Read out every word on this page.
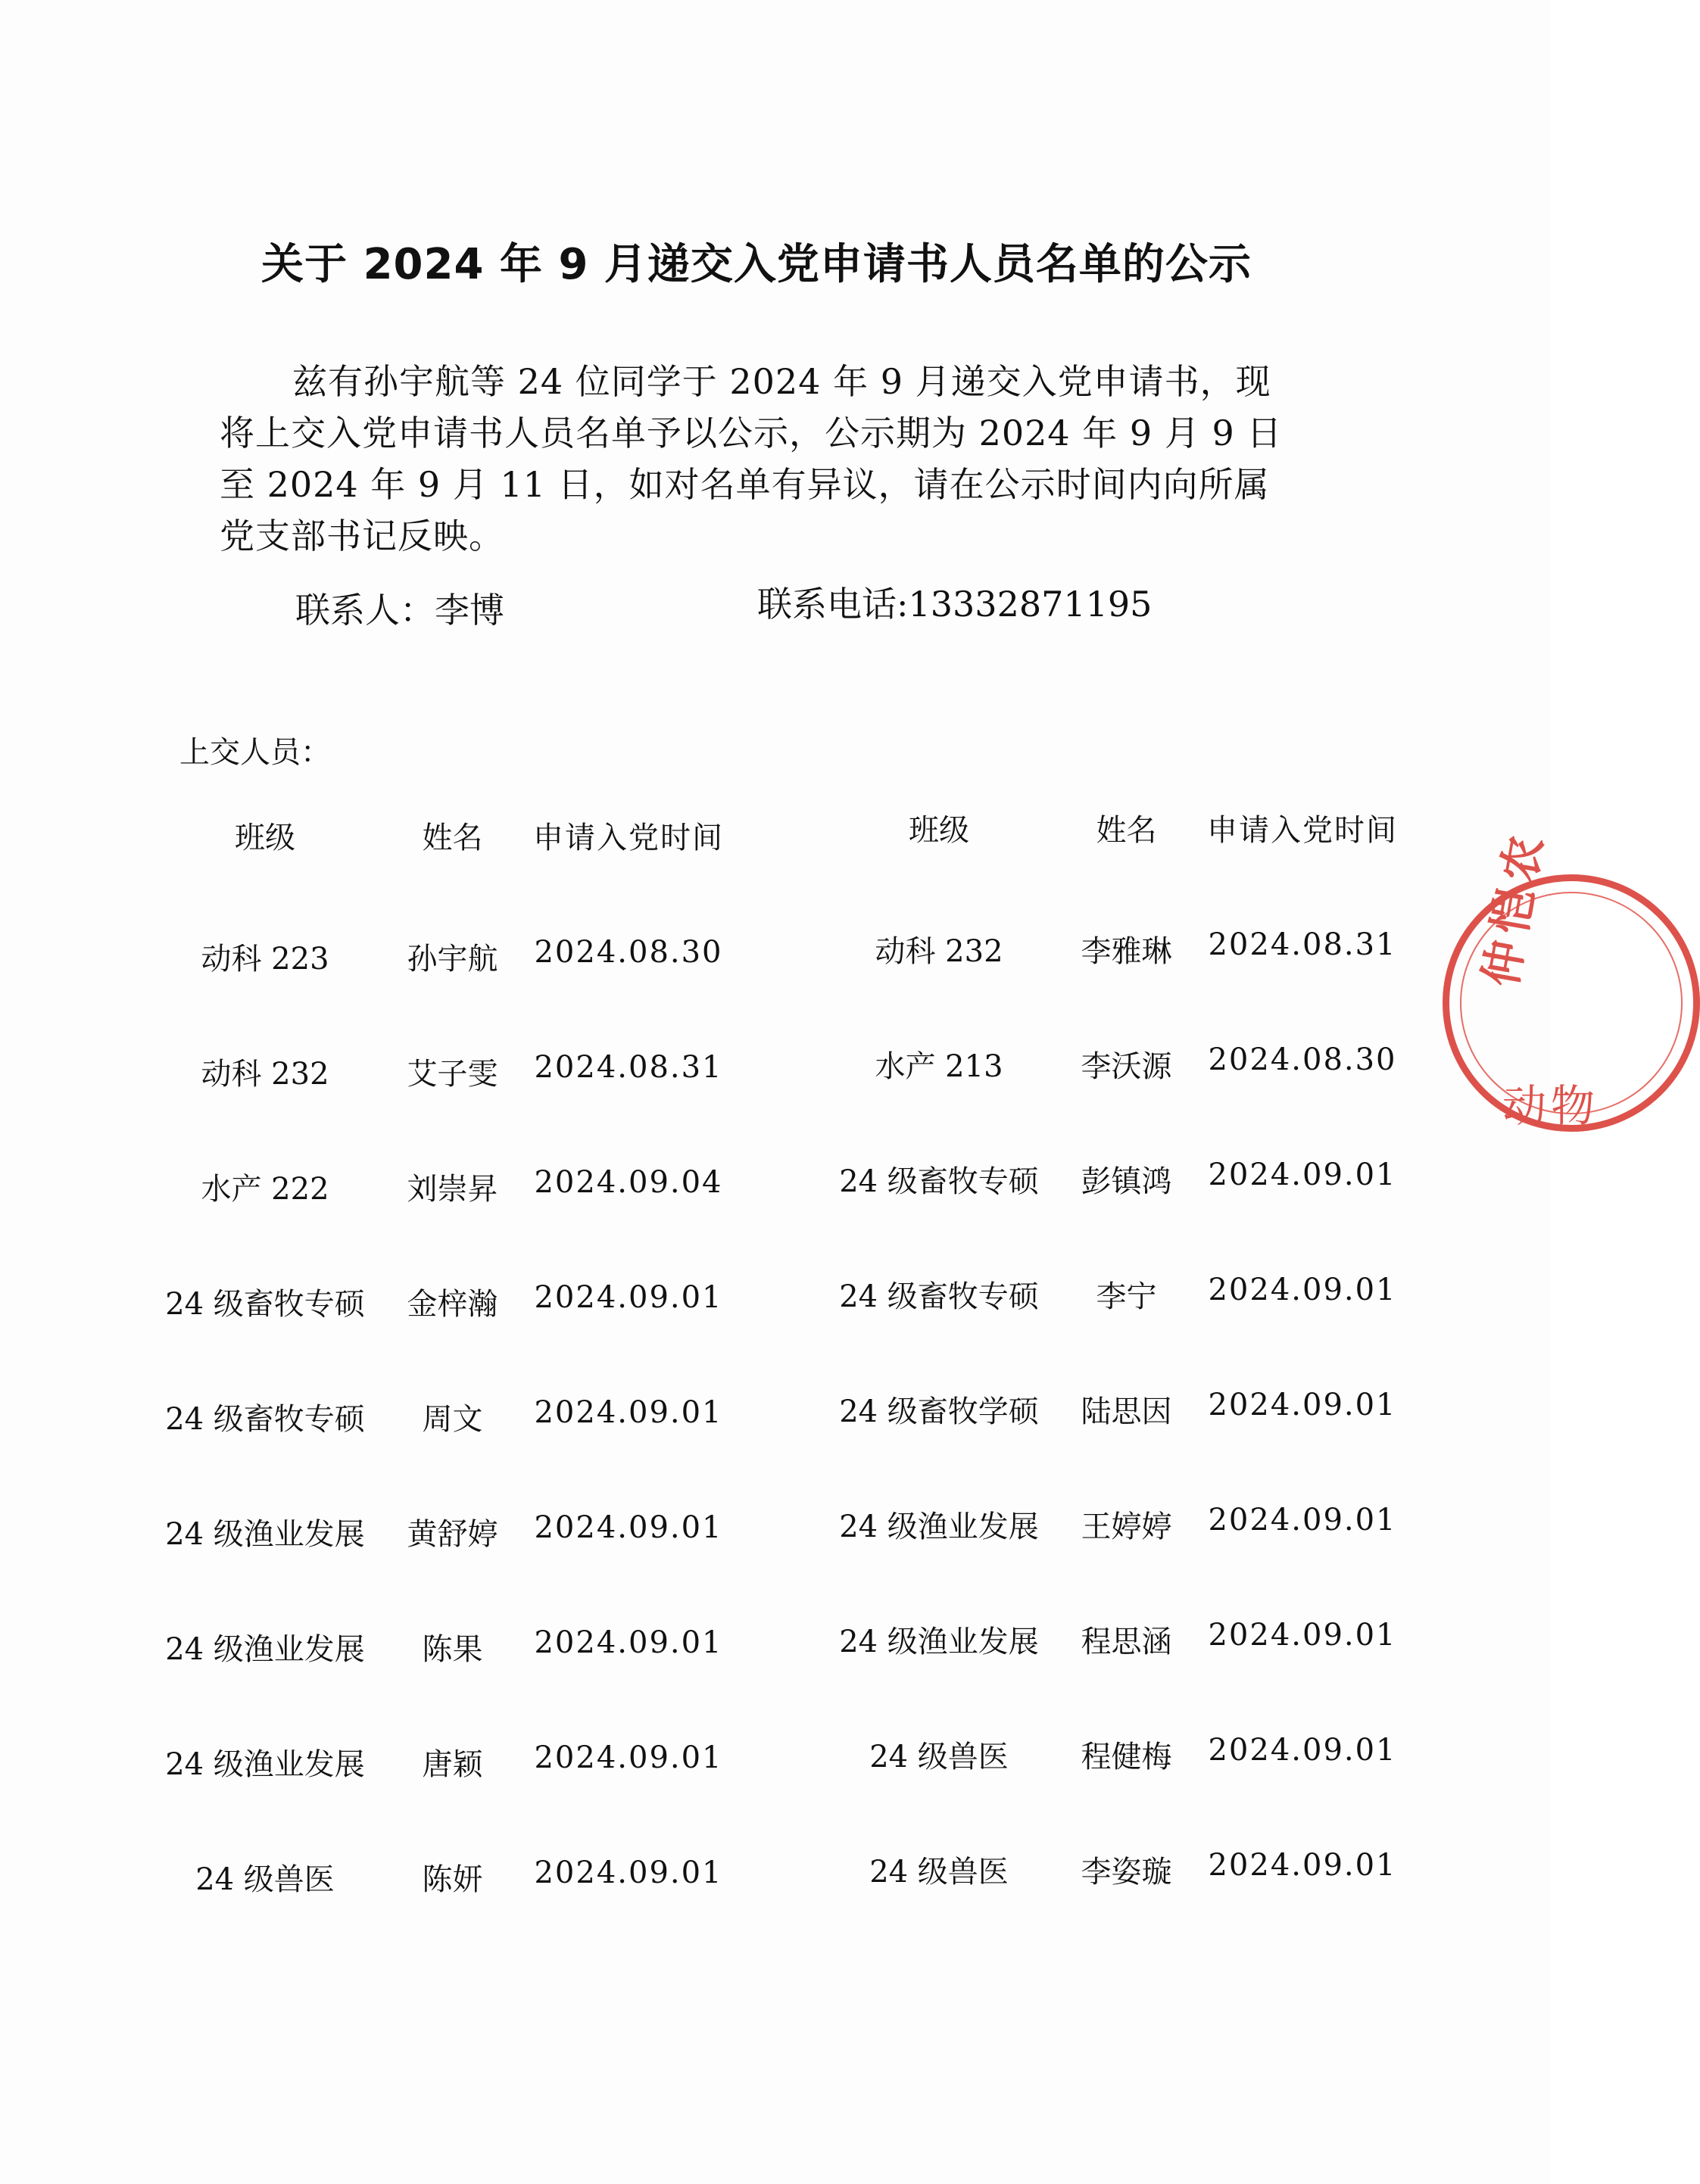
关于 2024 年 9 月递交入党申请书人员名单的公示
兹有孙宇航等 24 位同学于 2024 年 9 月递交入党申请书，现将上交入党申请书人员名单予以公示，公示期为 2024 年 9 月 9 日至 2024 年 9 月 11 日，如对名单有异议，请在公示时间内向所属党支部书记反映。
联系人：李博	联系电话:13332871195
上交人员：
班级	姓名	申请入党时间
动科 223	孙宇航	2024.08.30
动科 232	艾子雯	2024.08.31
水产 222	刘崇昇	2024.09.04
24 级畜牧专硕	金梓瀚	2024.09.01
24 级畜牧专硕	周文	2024.09.01
24 级渔业发展	黄舒婷	2024.09.01
24 级渔业发展	陈果	2024.09.01
24 级渔业发展	唐颖	2024.09.01
24 级兽医	陈妍	2024.09.01
班级	姓名	申请入党时间
动科 232	李雅琳	2024.08.31
水产 213	李沃源	2024.08.30
24 级畜牧专硕	彭镇鸿	2024.09.01
24 级畜牧专硕	李宁	2024.09.01
24 级畜牧学硕	陆思因	2024.09.01
24 级渔业发展	王婷婷	2024.09.01
24 级渔业发展	程思涵	2024.09.01
24 级兽医	程健梅	2024.09.01
24 级兽医	李姿璇	2024.09.01
仲恺农
动物
